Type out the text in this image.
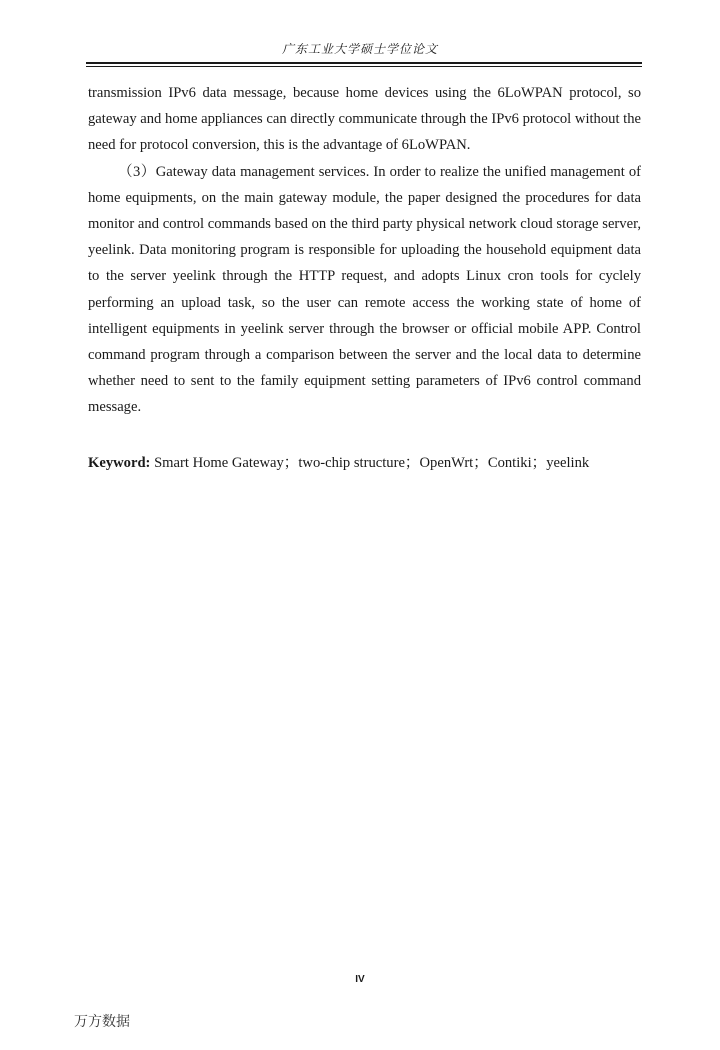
广东工业大学硕士学位论文

transmission IPv6 data message, because home devices using the 6LoWPAN protocol, so gateway and home appliances can directly communicate through the IPv6 protocol without the need for protocol conversion, this is the advantage of 6LoWPAN.

（3）Gateway data management services. In order to realize the unified management of home equipments, on the main gateway module, the paper designed the procedures for data monitor and control commands based on the third party physical network cloud storage server, yeelink. Data monitoring program is responsible for uploading the household equipment data to the server yeelink through the HTTP request, and adopts Linux cron tools for cyclely performing an upload task, so the user can remote access the working state of home of intelligent equipments in yeelink server through the browser or official mobile APP. Control command program through a comparison between the server and the local data to determine whether need to sent to the family equipment setting parameters of IPv6 control command message.

Keyword: Smart Home Gateway；two-chip structure；OpenWrt；Contiki；yeelink
IV
万方数据
